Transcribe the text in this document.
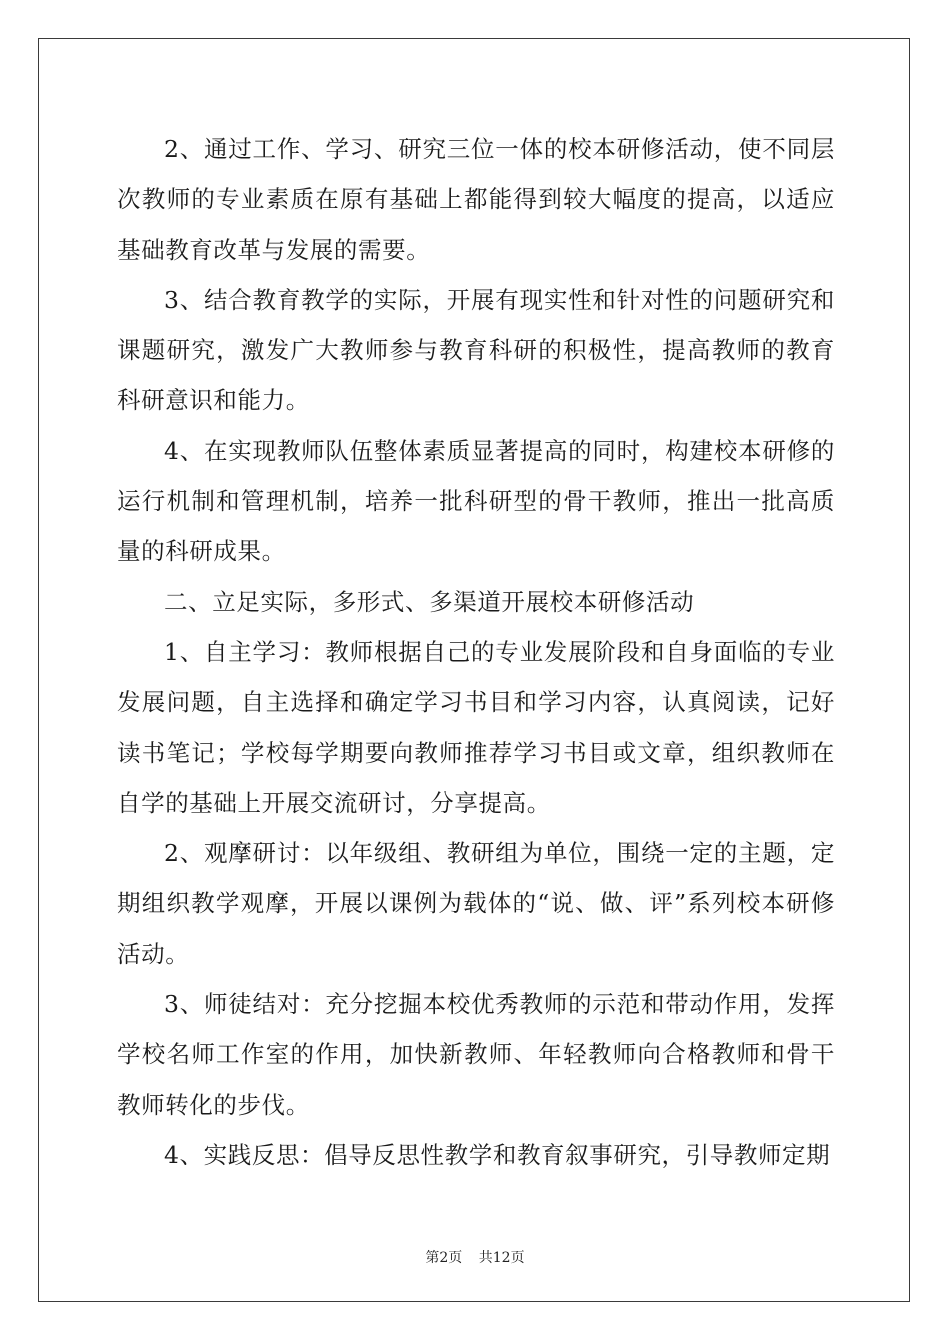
2、通过工作、学习、研究三位一体的校本研修活动，使不同层次教师的专业素质在原有基础上都能得到较大幅度的提高，以适应基础教育改革与发展的需要。

3、结合教育教学的实际，开展有现实性和针对性的问题研究和课题研究，激发广大教师参与教育科研的积极性，提高教师的教育科研意识和能力。

4、在实现教师队伍整体素质显著提高的同时，构建校本研修的运行机制和管理机制，培养一批科研型的骨干教师，推出一批高质量的科研成果。

二、立足实际，多形式、多渠道开展校本研修活动

1、自主学习：教师根据自己的专业发展阶段和自身面临的专业发展问题，自主选择和确定学习书目和学习内容，认真阅读，记好读书笔记；学校每学期要向教师推荐学习书目或文章，组织教师在自学的基础上开展交流研讨，分享提高。

2、观摩研讨：以年级组、教研组为单位，围绕一定的主题，定期组织教学观摩，开展以课例为载体的“说、做、评”系列校本研修活动。

3、师徒结对：充分挖掘本校优秀教师的示范和带动作用，发挥学校名师工作室的作用，加快新教师、年轻教师向合格教师和骨干教师转化的步伐。

4、实践反思：倡导反思性教学和教育叙事研究，引导教师定期

第2页 共12页
